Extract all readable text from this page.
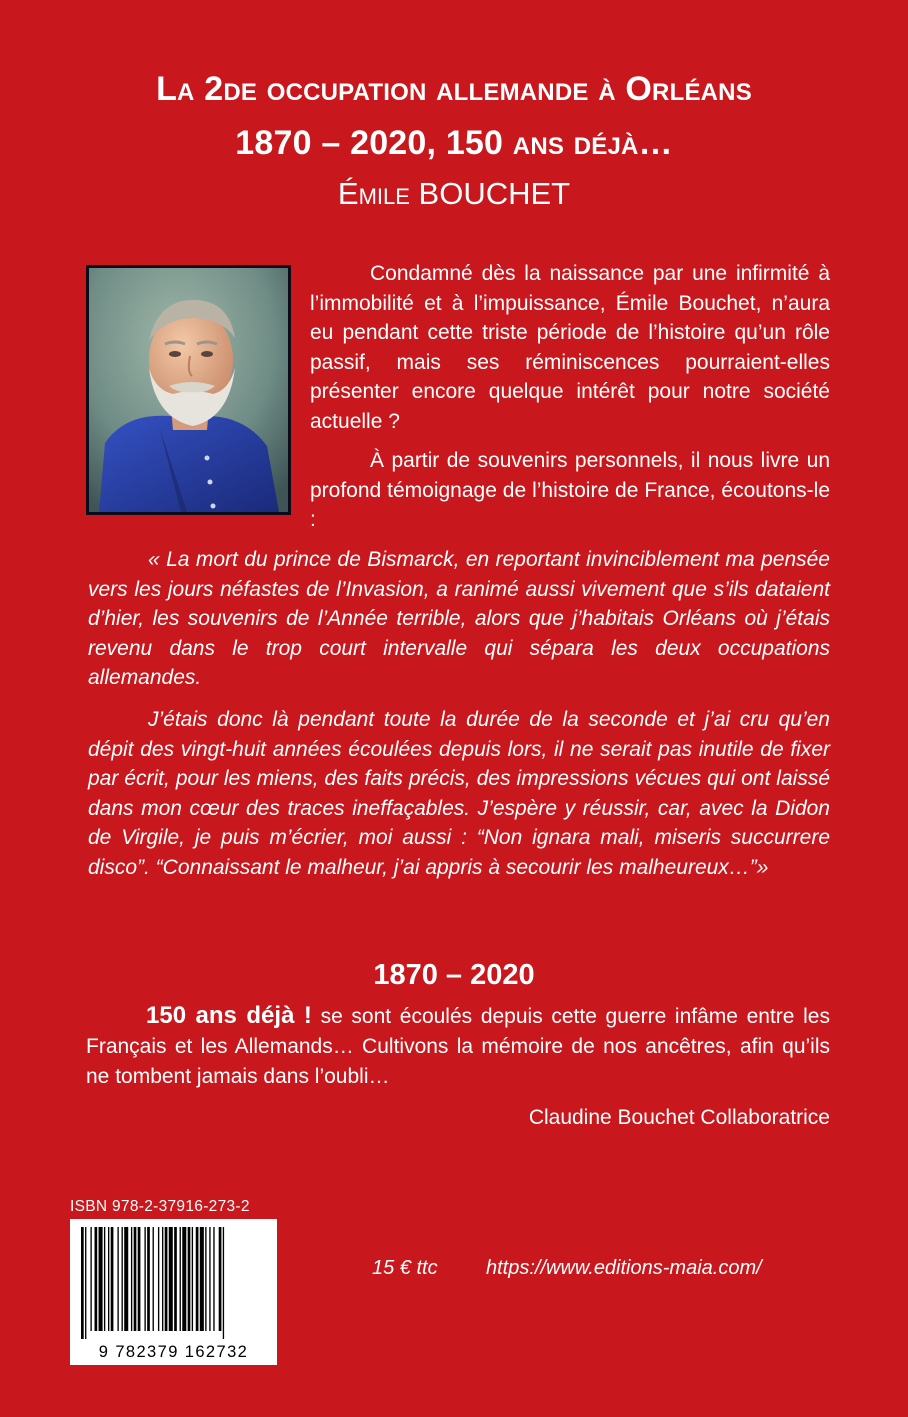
La 2de occupation allemande à Orléans
1870 – 2020, 150 ans déjà…
Émile BOUCHET

Condamné dès la naissance par une infirmité à l’immobilité et à l’impuissance, Émile Bouchet, n’aura eu pendant cette triste période de l’histoire qu’un rôle passif, mais ses réminiscences pourraient-elles présenter encore quelque intérêt pour notre société actuelle ?

À partir de souvenirs personnels, il nous livre un profond témoignage de l’histoire de France, écoutons-le :

« La mort du prince de Bismarck, en reportant invinciblement ma pensée vers les jours néfastes de l’Invasion, a ranimé aussi vivement que s’ils dataient d’hier, les souvenirs de l’Année terrible, alors que j’habitais Orléans où j’étais revenu dans le trop court intervalle qui sépara les deux occupations allemandes.

J’étais donc là pendant toute la durée de la seconde et j’ai cru qu’en dépit des vingt-huit années écoulées depuis lors, il ne serait pas inutile de fixer par écrit, pour les miens, des faits précis, des impressions vécues qui ont laissé dans mon cœur des traces ineffaçables. J’espère y réussir, car, avec la Didon de Virgile, je puis m’écrier, moi aussi : “Non ignara mali, miseris succurrere disco”. “Connaissant le malheur, j’ai appris à secourir les malheureux…”»

1870 – 2020

150 ans déjà ! se sont écoulés depuis cette guerre infâme entre les Français et les Allemands… Cultivons la mémoire de nos ancêtres, afin qu’ils ne tombent jamais dans l’oubli…

Claudine Bouchet Collaboratrice
ISBN 978-2-37916-273-2
9 782379 162732
15 € ttc https://www.editions-maia.com/
